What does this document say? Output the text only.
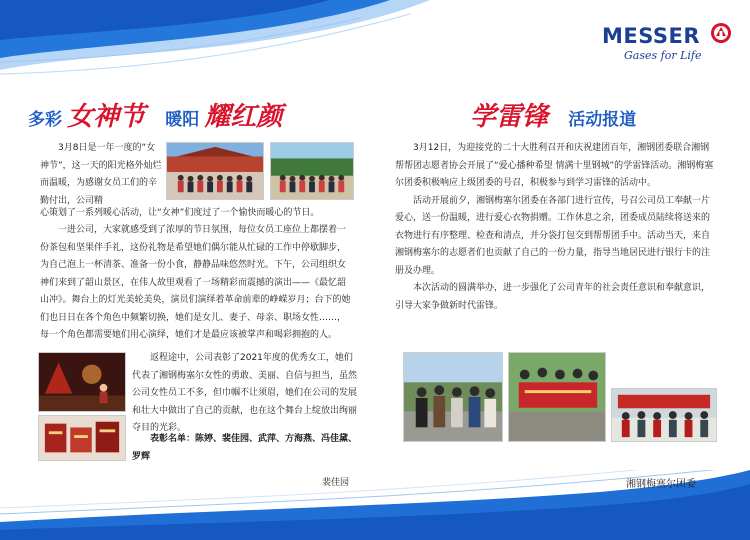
MESSER
Gases for Life
多彩 女神节 暖阳 耀红颜	学雷锋 活动报道

3月8日是一年一度的“女神节”，这一天的阳光格外灿烂而温暖，为感谢女员工们的辛勤付出，公司精

心策划了一系列暖心活动，让“女神”们度过了一个愉快而暖心的节日。

一进公司，大家就感受到了浓厚的节日氛围，每位女员工座位上都摆着一份茶包和坚果伴手礼，这份礼物是希望她们偶尔能从忙碌的工作中停歇脚步，为自己泡上一杯清茶、准备一份小食，静静品味悠然时光。下午，公司组织女神们来到了韶山景区，在伟人故里观看了一场精彩而震撼的演出——《最忆韶山冲》。舞台上的灯光美轮美奂，演员们演绎着革命前辈的峥嵘岁月；台下的她们也日日在各个角色中频繁切换，她们是女儿、妻子、母亲、职场女性……，每一个角色都需要她们用心演绎，她们才是最应该被掌声和喝彩拥抱的人。

返程途中，公司表彰了2021年度的优秀女工，她们代表了湘钢梅塞尔女性的勇敢、美丽、自信与担当，虽然公司女性员工不多，但巾帼不让须眉，她们在公司的发展和壮大中做出了自己的贡献，也在这个舞台上绽放出绚丽夺目的光彩。

表彰名单：陈婷、裴佳园、武萍、方海燕、冯佳黛、罗辉

裴佳园

3月12日，为迎接党的二十大胜利召开和庆祝建团百年，湘钢团委联合湘钢帮帮团志愿者协会开展了“爱心播种希望 情满十里钢城”的学雷锋活动。湘钢梅塞尔团委积极响应上级团委的号召，积极参与到学习雷锋的活动中。

活动开展前夕，湘钢梅塞尔团委在各部门进行宣传，号召公司员工奉献一片爱心，送一份温暖，进行爱心衣物捐赠。工作休息之余，团委成员陆续将送来的衣物进行有序整理、检查和清点，并分袋打包交到帮帮团手中。活动当天，来自湘钢梅塞尔的志愿者们也贡献了自己的一份力量，指导当地居民进行银行卡的注册及办理。

本次活动的圆满举办，进一步强化了公司青年的社会责任意识和奉献意识，引导大家争做新时代雷锋。

湘钢梅塞尔团委
